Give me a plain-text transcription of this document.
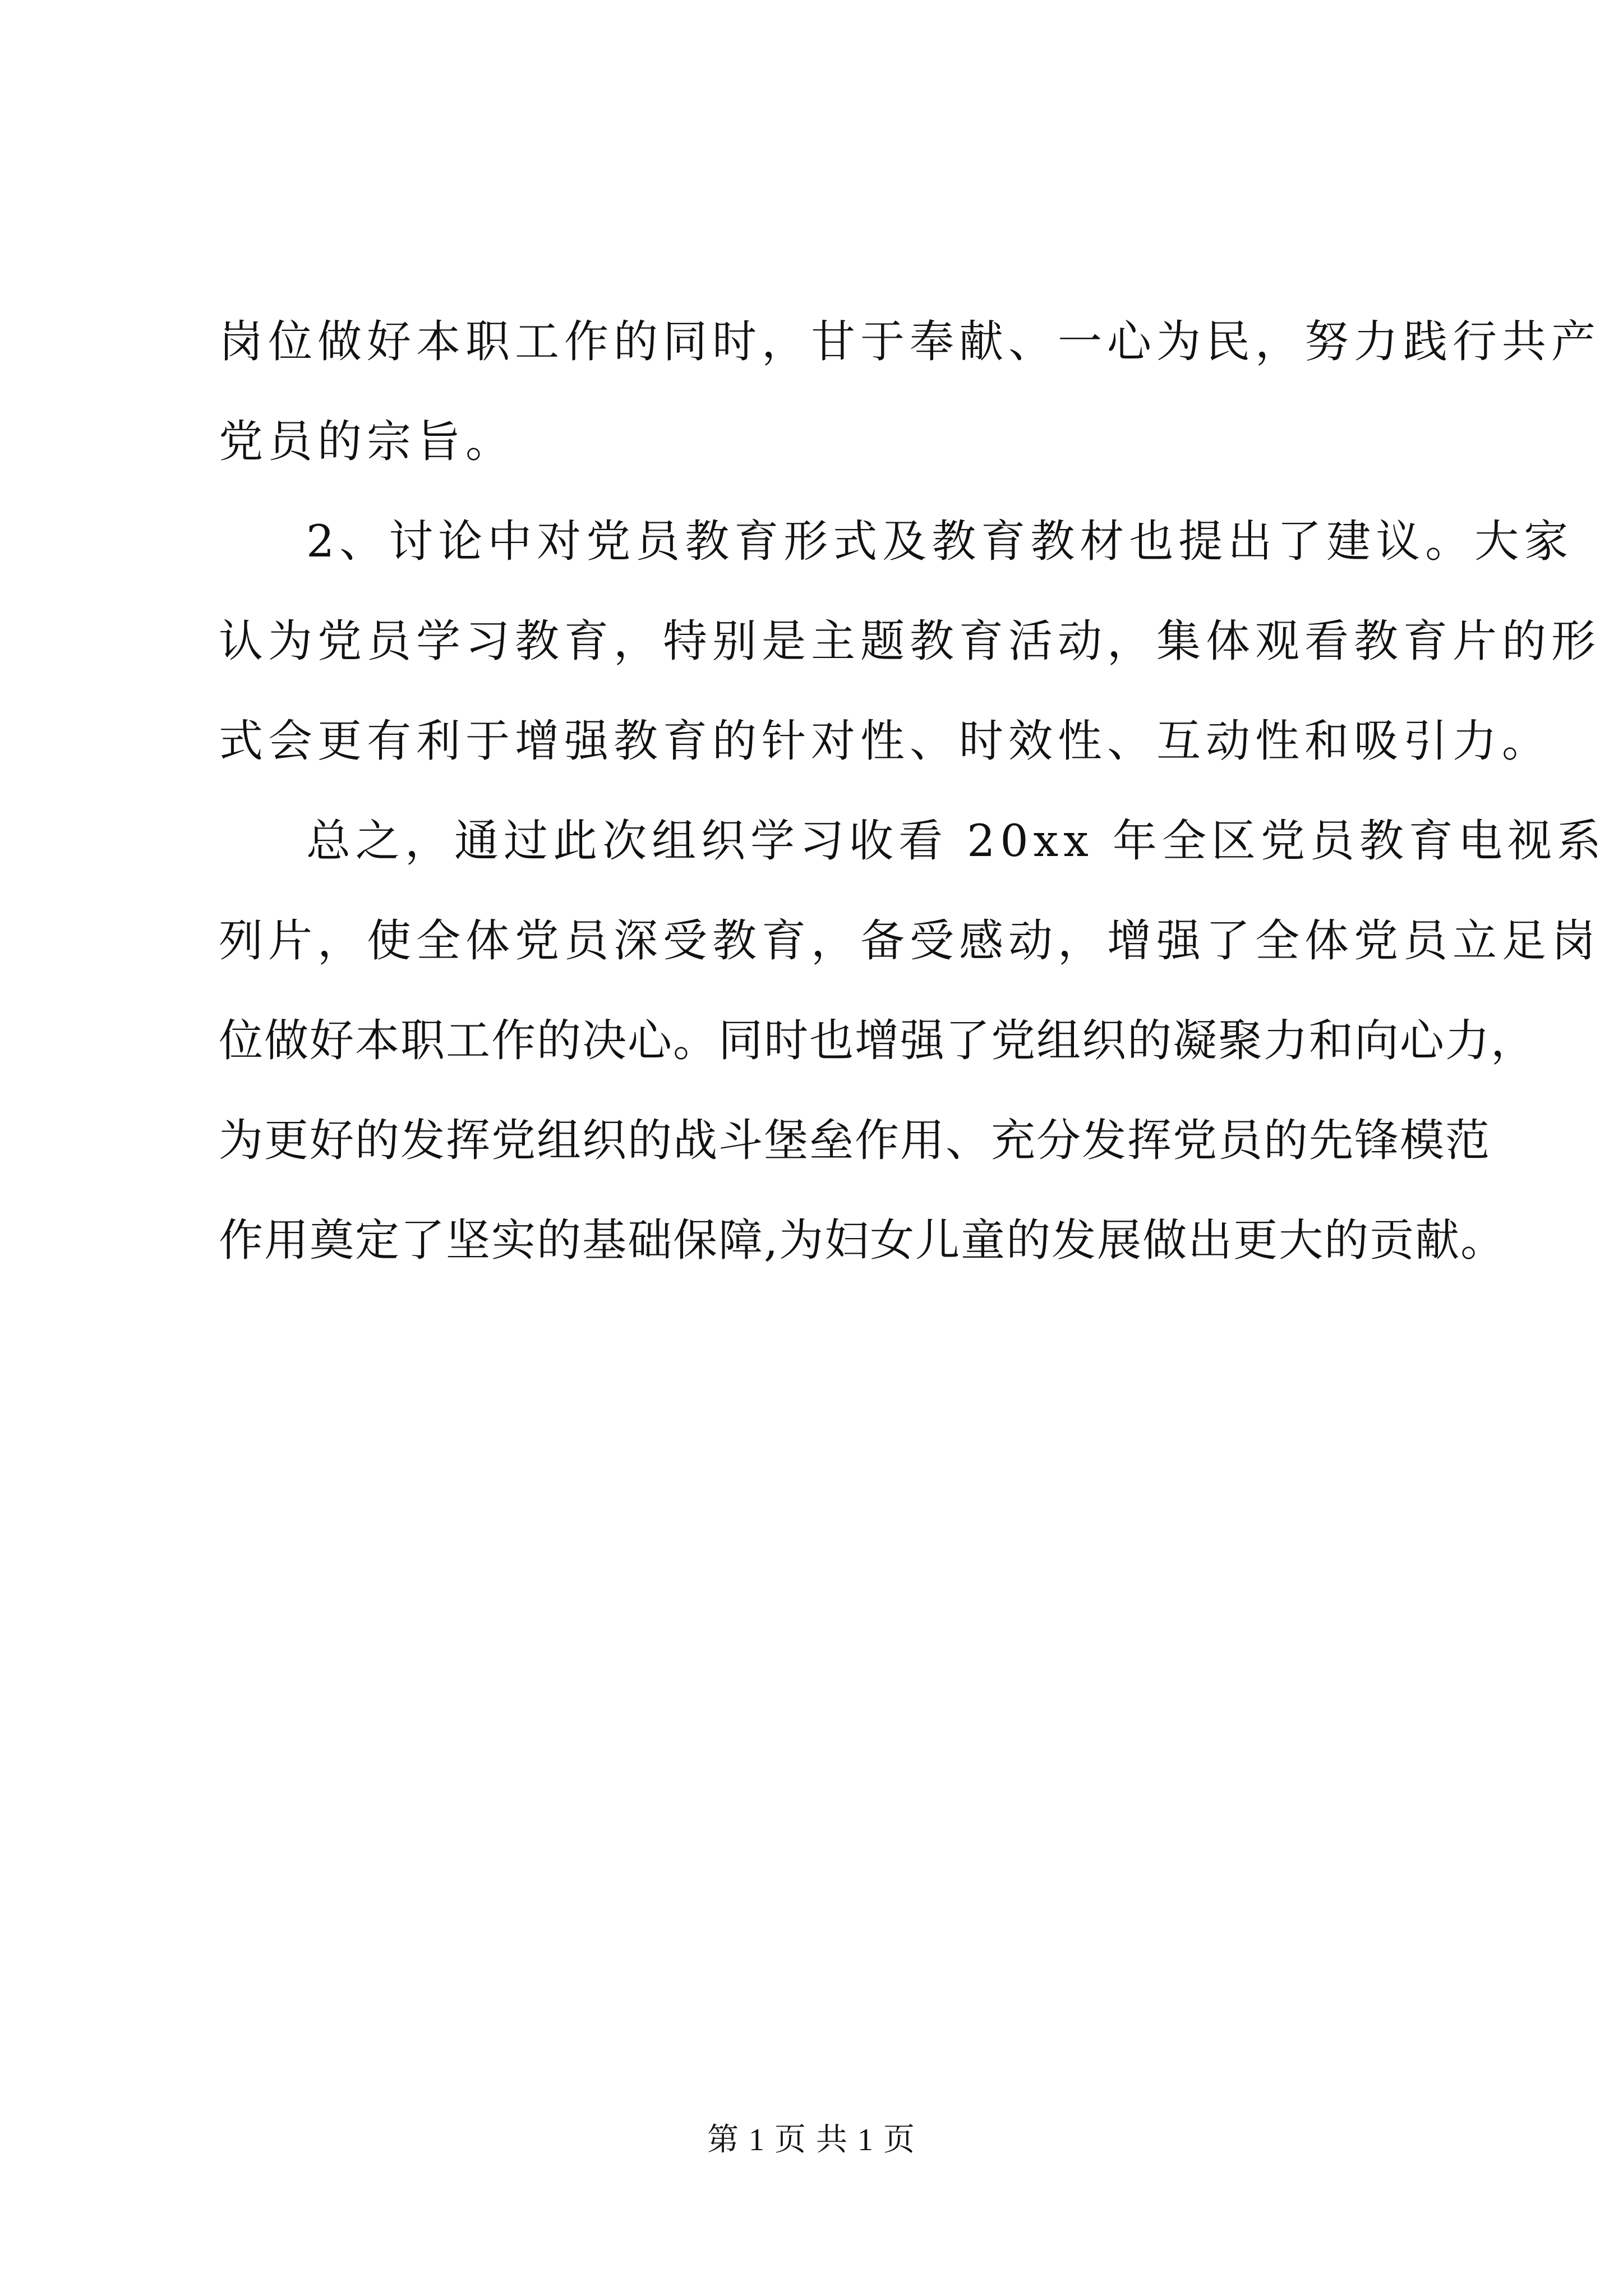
岗位做好本职工作的同时，甘于奉献、一心为民，努力践行共产
党员的宗旨。
2、讨论中对党员教育形式及教育教材也提出了建议。大家
认为党员学习教育，特别是主题教育活动，集体观看教育片的形
式会更有利于增强教育的针对性、时效性、互动性和吸引力。
总之，通过此次组织学习收看 20xx 年全区党员教育电视系
列片，使全体党员深受教育，备受感动，增强了全体党员立足岗
位做好本职工作的决心。同时也增强了党组织的凝聚力和向心力，
为更好的发挥党组织的战斗堡垒作用、充分发挥党员的先锋模范
作用奠定了坚实的基础保障,为妇女儿童的发展做出更大的贡献。
第 1 页 共 1 页
